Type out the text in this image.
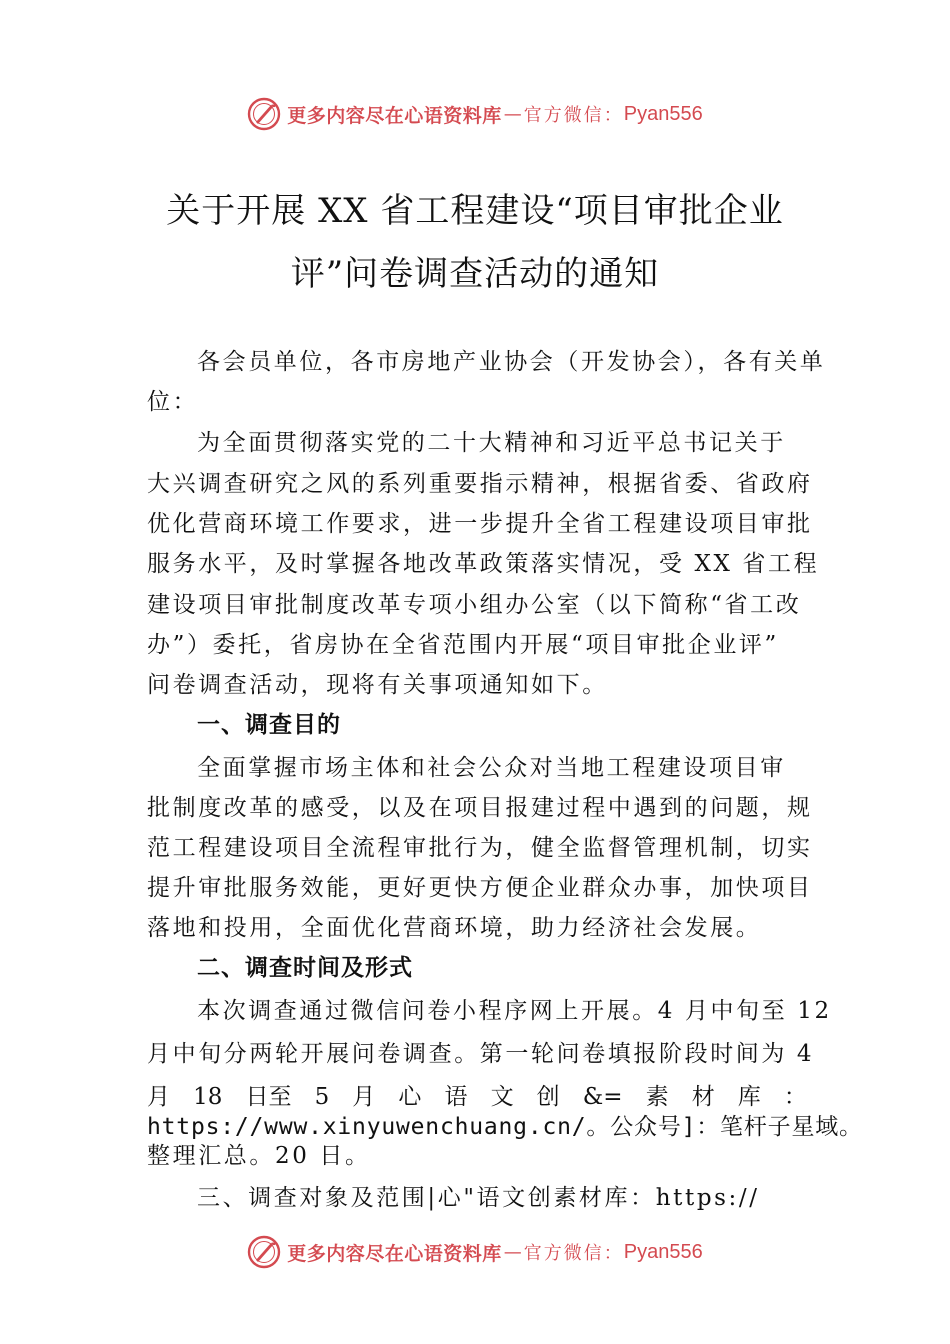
更多内容尽在心语资料库 — 官方微信： Pyan556
关于开展 XX 省工程建设“项目审批企业
评”问卷调查活动的通知
各会员单位，各市房地产业协会（开发协会），各有关单
位：
为全面贯彻落实党的二十大精神和习近平总书记关于
大兴调查研究之风的系列重要指示精神，根据省委、省政府
优化营商环境工作要求，进一步提升全省工程建设项目审批
服务水平，及时掌握各地改革政策落实情况，受 XX 省工程
建设项目审批制度改革专项小组办公室（以下简称“省工改
办”）委托，省房协在全省范围内开展“项目审批企业评”
问卷调查活动，现将有关事项通知如下。
一、调查目的
全面掌握市场主体和社会公众对当地工程建设项目审
批制度改革的感受，以及在项目报建过程中遇到的问题，规
范工程建设项目全流程审批行为，健全监督管理机制，切实
提升审批服务效能，更好更快方便企业群众办事，加快项目
落地和投用，全面优化营商环境，助力经济社会发展。
二、调查时间及形式
本次调查通过微信问卷小程序网上开展。4 月中旬至 12
月中旬分两轮开展问卷调查。第一轮问卷填报阶段时间为 4
月 18 日至 5 月 心 语 文 创 &= 素 材 库 ：
https://www.xinyuwenchuang.cn/。公众号]：笔杆子星域。
整理汇总。20 日。
三、调查对象及范围|心"语文创素材库：https://
更多内容尽在心语资料库 — 官方微信： Pyan556
